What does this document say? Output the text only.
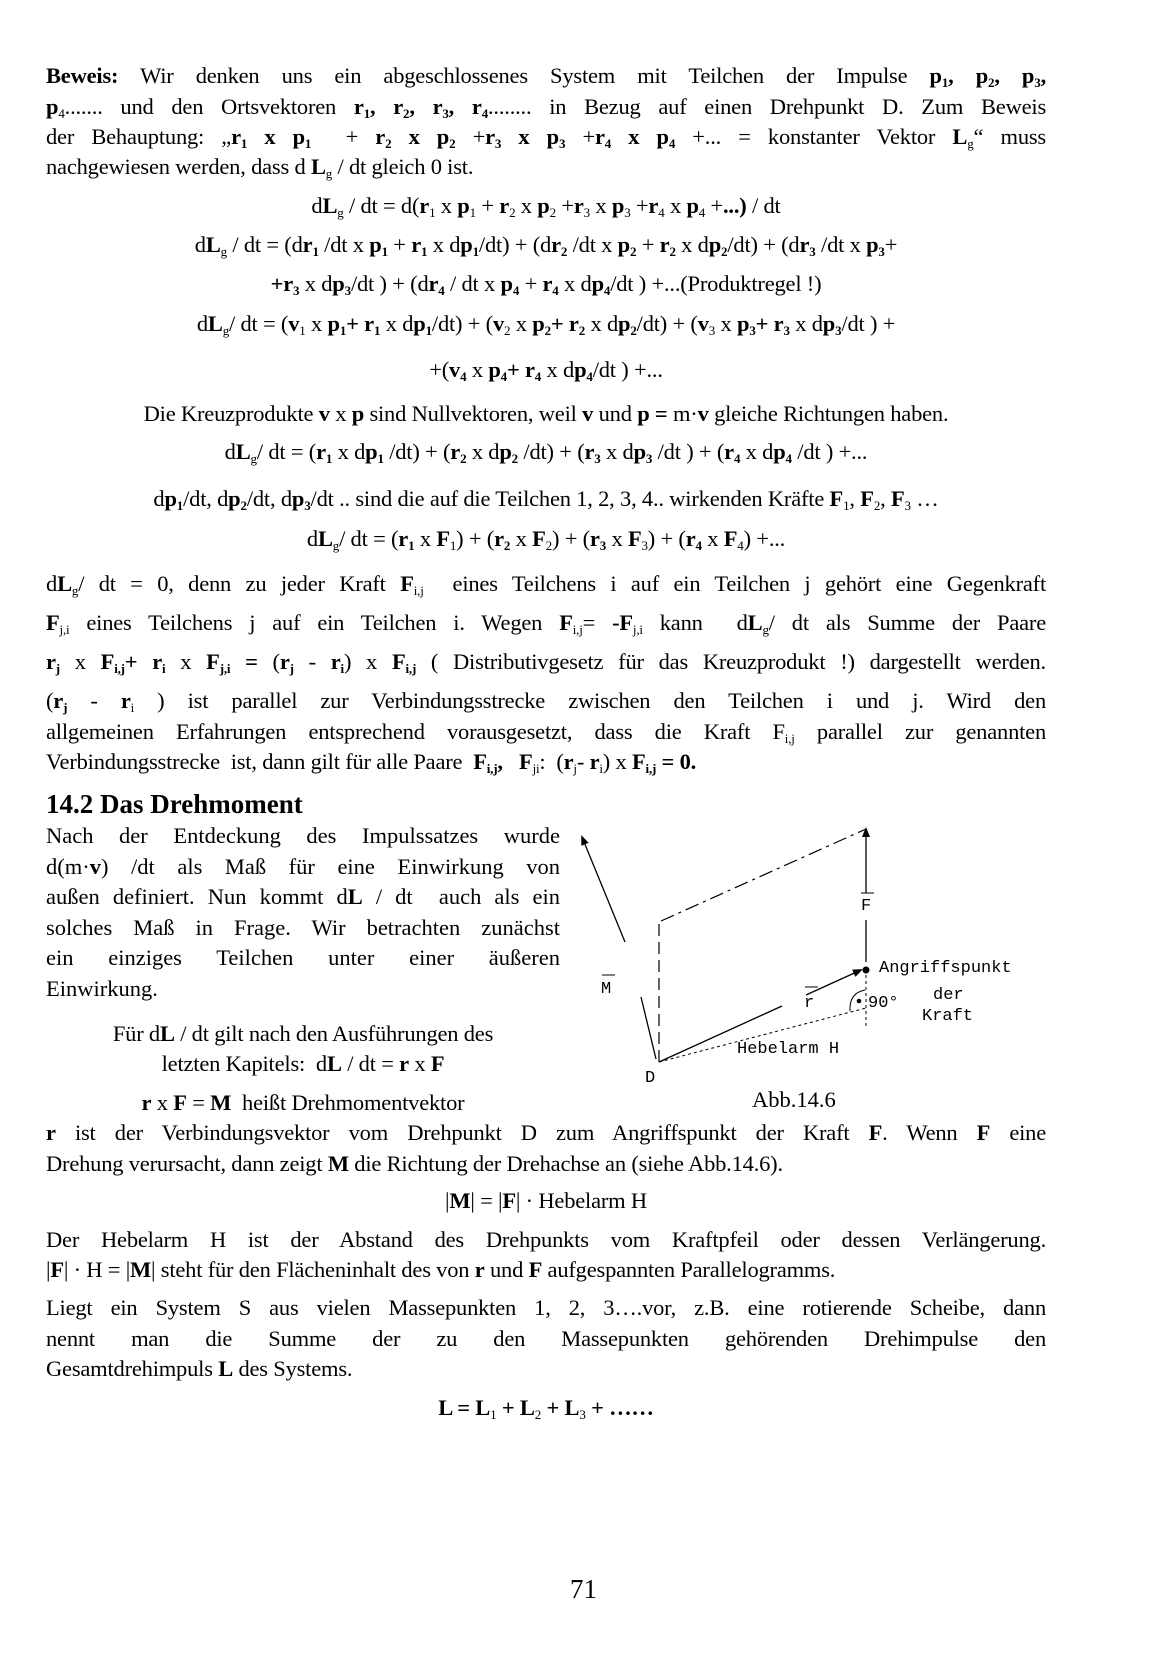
Beweis: Wir denken uns ein abgeschlossenes System mit Teilchen der Impulse $p_1$, $p_2$, $p_3$,
$p_4$....... und den Ortsvektoren $r_1$, $r_2$, $r_3$, $r_4$........ in Bezug auf einen Drehpunkt D. Zum Beweis
der Behauptung: $„r_1$ x $p_1 + r_2$ x $p_2 +r_3$ x $p_3 +r_4$ x $p_4$ +... = konstanter Vektor $L_g“$ muss
nachgewiesen werden, dass d $L_g$ / dt gleich 0 ist.
$dL_g$ / dt = $d(r_1$ x $p_1 + r_2$ x $p_2 +r_3$ x $p_3 +r_4$ x $p_4$ +...) / dt
$dL_g$ / dt = ($dr_1$ /dt x $p_1 + r_1$ x $dp_1/dt) + (dr_2$ /dt x $p_2 + r_2$ x $dp_2/dt) + (dr_3$ /dt x $p_3+$
$+r_3$ x $dp_3/dt$ ) + ($dr_4$ / dt x $p_4 + r_4$ x $dp_4/dt$ ) +...(Produktregel !)
$dL_g/$ dt = ($v_1$ x $p_1+ r_1$ x $dp_1/dt) + (v_2$ x $p_2+ r_2$ x $dp_2/dt) + (v_3$ x $p_3+ r_3$ x $dp_3/dt$ ) +
$+(v_4$ x $p_4+ r_4$ x $dp_4/dt$ ) +...
Die Kreuzprodukte v x p sind Nullvektoren, weil v und p = m·v gleiche Richtungen haben.
$dL_g/$ dt = ($r_1$ x $dp_1$ $/dt) + (r_2$ x $dp_2$ $/dt) + (r_3$ x $dp_3$ /dt ) + ($r_4$ x $dp_4$ /dt ) +...
$dp_1/dt$, $dp_2/dt$, $dp_3/dt$ .. sind die auf die Teilchen 1, 2, 3, 4.. wirkenden Kräfte $F_1$, $F_2$, $F_3$ …
$dL_g/$ dt = ($r_1$ x $F_1) + (r_2$ x $F_2) + (r_3$ x $F_3) + (r_4$ x $F_4$) +...
$dL_g/$ dt = 0, denn zu jeder Kraft $F_{i,j}$  eines Teilchens i auf ein Teilchen j gehört eine Gegenkraft
$F_{j,i}$ eines Teilchens j auf ein Teilchen i. Wegen $F_{i,j}= -F_{j,i}$ kann  $dL_g/$ dt als Summe der Paare
$r_j$ x $F_{i,j}+ r_i$ x $F_{j,i} = (r_j - r_i)$ x $F_{i,j}$ ( Distributivgesetz für das Kreuzprodukt !) dargestellt werden.
($r_j - r_i$ ) ist parallel zur Verbindungsstrecke zwischen den Teilchen i und j. Wird den
allgemeinen Erfahrungen entsprechend vorausgesetzt, dass die Kraft $F_{i,j}$ parallel zur genannten
Verbindungsstrecke  ist, dann gilt für alle Paare  $F_{i,j}$, $F_{ji}$:  ($r_j-$ $r_i$) x $F_{i,j} = 0$.
14.2 Das Drehmoment
Nach der Entdeckung des Impulssatzes wurde
d(m·v) /dt als Maß für eine Einwirkung von
außen definiert. Nun kommt dL / dt  auch als ein
solches Maß in Frage. Wir betrachten zunächst
ein einziges Teilchen unter einer äußeren
Einwirkung.
Für dL / dt gilt nach den Ausführungen des
letzten Kapitels:  dL / dt = r x F
r x F = M  heißt Drehmomentvektor
M
F
r	90°
Angriffspunkt
der
Kraft
Hebelarm H
D
Abb.14.6
r ist der Verbindungsvektor vom Drehpunkt D zum Angriffspunkt der Kraft F. Wenn F eine
Drehung verursacht, dann zeigt M die Richtung der Drehachse an (siehe Abb.14.6).
|M| = |F| · Hebelarm H
Der Hebelarm H ist der Abstand des Drehpunkts vom Kraftpfeil oder dessen Verlängerung.
|F| · H = |M| steht für den Flächeninhalt des von r und F aufgespannten Parallelogramms.
Liegt ein System S aus vielen Massepunkten 1, 2, 3….vor, z.B. eine rotierende Scheibe, dann
nennt man die Summe der zu den Massepunkten gehörenden Drehimpulse den
Gesamtdrehimpuls L des Systems.
$L = L_1 + L_2 + L_3$ + ……
71
